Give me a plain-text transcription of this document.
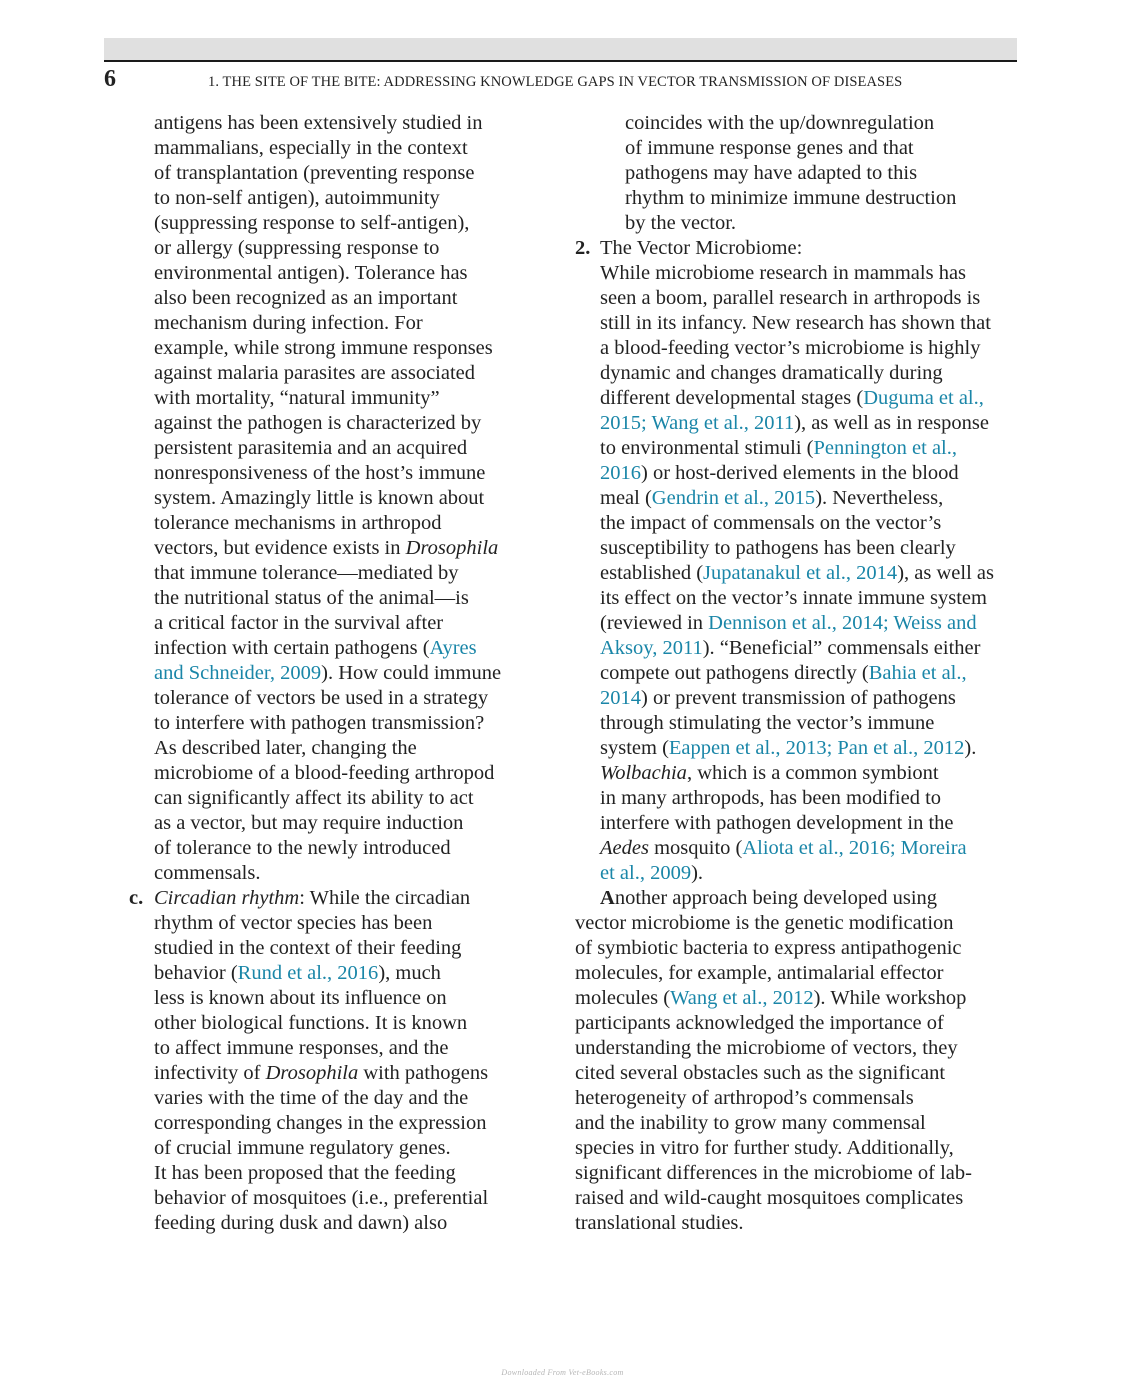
6	1. THE SITE OF THE BITE: ADDRESSING KNOWLEDGE GAPS IN VECTOR TRANSMISSION OF DISEASES
antigens has been extensively studied in
mammalians, especially in the context
of transplantation (preventing response
to non-self antigen), autoimmunity
(suppressing response to self-antigen),
or allergy (suppressing response to
environmental antigen). Tolerance has
also been recognized as an important
mechanism during infection. For
example, while strong immune responses
against malaria parasites are associated
with mortality, “natural immunity”
against the pathogen is characterized by
persistent parasitemia and an acquired
nonresponsiveness of the host’s immune
system. Amazingly little is known about
tolerance mechanisms in arthropod
vectors, but evidence exists in Drosophila
that immune tolerance—mediated by
the nutritional status of the animal—is
a critical factor in the survival after
infection with certain pathogens (Ayres
and Schneider, 2009). How could immune
tolerance of vectors be used in a strategy
to interfere with pathogen transmission?
As described later, changing the
microbiome of a blood-feeding arthropod
can significantly affect its ability to act
as a vector, but may require induction
of tolerance to the newly introduced
commensals.
c. Circadian rhythm: While the circadian
rhythm of vector species has been
studied in the context of their feeding
behavior (Rund et al., 2016), much
less is known about its influence on
other biological functions. It is known
to affect immune responses, and the
infectivity of Drosophila with pathogens
varies with the time of the day and the
corresponding changes in the expression
of crucial immune regulatory genes.
It has been proposed that the feeding
behavior of mosquitoes (i.e., preferential
feeding during dusk and dawn) also
coincides with the up/downregulation
of immune response genes and that
pathogens may have adapted to this
rhythm to minimize immune destruction
by the vector.
2. The Vector Microbiome:
While microbiome research in mammals has
seen a boom, parallel research in arthropods is
still in its infancy. New research has shown that
a blood-feeding vector’s microbiome is highly
dynamic and changes dramatically during
different developmental stages (Duguma et al.,
2015; Wang et al., 2011), as well as in response
to environmental stimuli (Pennington et al.,
2016) or host-derived elements in the blood
meal (Gendrin et al., 2015). Nevertheless,
the impact of commensals on the vector’s
susceptibility to pathogens has been clearly
established (Jupatanakul et al., 2014), as well as
its effect on the vector’s innate immune system
(reviewed in Dennison et al., 2014; Weiss and
Aksoy, 2011). “Beneficial” commensals either
compete out pathogens directly (Bahia et al.,
2014) or prevent transmission of pathogens
through stimulating the vector’s immune
system (Eappen et al., 2013; Pan et al., 2012).
Wolbachia, which is a common symbiont
in many arthropods, has been modified to
interfere with pathogen development in the
Aedes mosquito (Aliota et al., 2016; Moreira
et al., 2009).
Another approach being developed using
vector microbiome is the genetic modification
of symbiotic bacteria to express antipathogenic
molecules, for example, antimalarial effector
molecules (Wang et al., 2012). While workshop
participants acknowledged the importance of
understanding the microbiome of vectors, they
cited several obstacles such as the significant
heterogeneity of arthropod’s commensals
and the inability to grow many commensal
species in vitro for further study. Additionally,
significant differences in the microbiome of lab-
raised and wild-caught mosquitoes complicates
translational studies.
Downloaded From Vet-eBooks.com
